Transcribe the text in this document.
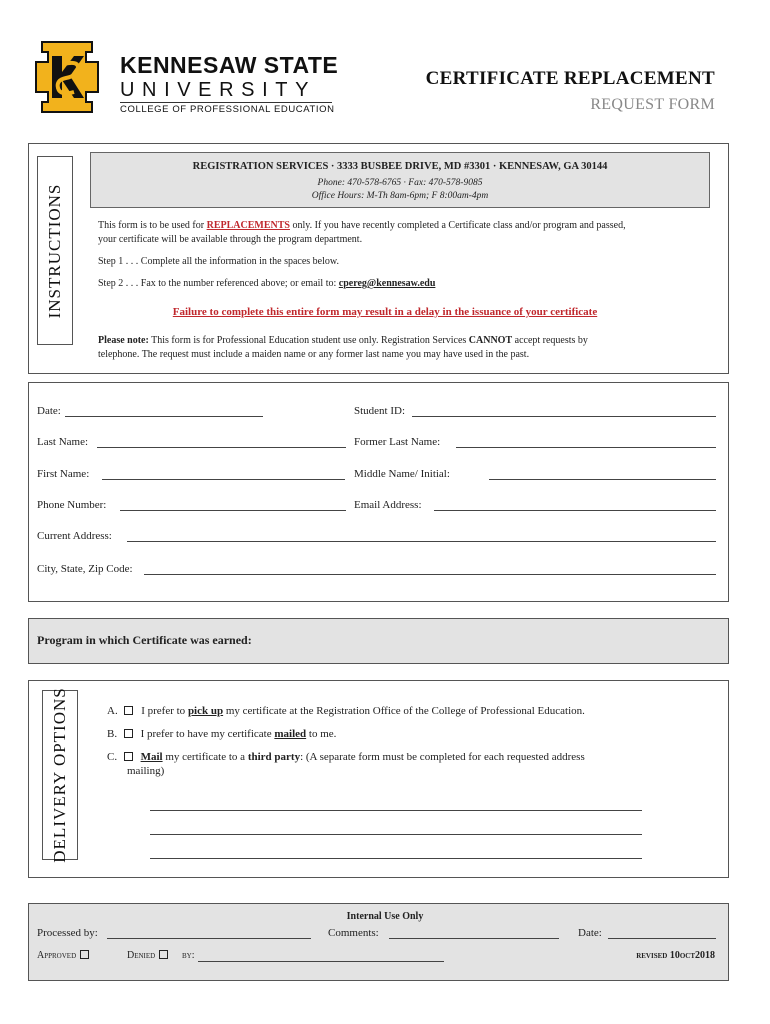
KENNESAW STATE
UNIVERSITY
COLLEGE OF PROFESSIONAL EDUCATION
CERTIFICATE REPLACEMENT
REQUEST FORM
INSTRUCTIONS
REGISTRATION SERVICES · 3333 BUSBEE DRIVE, MD #3301 · KENNESAW, GA 30144
Phone: 470-578-6765 · Fax: 470-578-9085
Office Hours: M-Th 8am-6pm; F 8:00am-4pm
This form is to be used for REPLACEMENTS only. If you have recently completed a Certificate class and/or program and passed,
your certificate will be available through the program department.
Step 1 . . . Complete all the information in the spaces below.
Step 2 . . . Fax to the number referenced above; or email to: cpereg@kennesaw.edu
Failure to complete this entire form may result in a delay in the issuance of your certificate
Please note: This form is for Professional Education student use only. Registration Services CANNOT accept requests by
telephone. The request must include a maiden name or any former last name you may have used in the past.
Date:	Student ID:
Last Name:	Former Last Name:
First Name:	Middle Name/ Initial:
Phone Number:	Email Address:
Current Address:
City, State, Zip Code:
Program in which Certificate was earned:
DELIVERY OPTIONS	A. I prefer to pick up my certificate at the Registration Office of the College of Professional Education.
B. I prefer to have my certificate mailed to me.
C. Mail my certificate to a third party: (A separate form must be completed for each requested address
mailing)
Internal Use Only
Processed by:	Comments:	Date:
Approved	Denied	by:	revised 10oct2018
